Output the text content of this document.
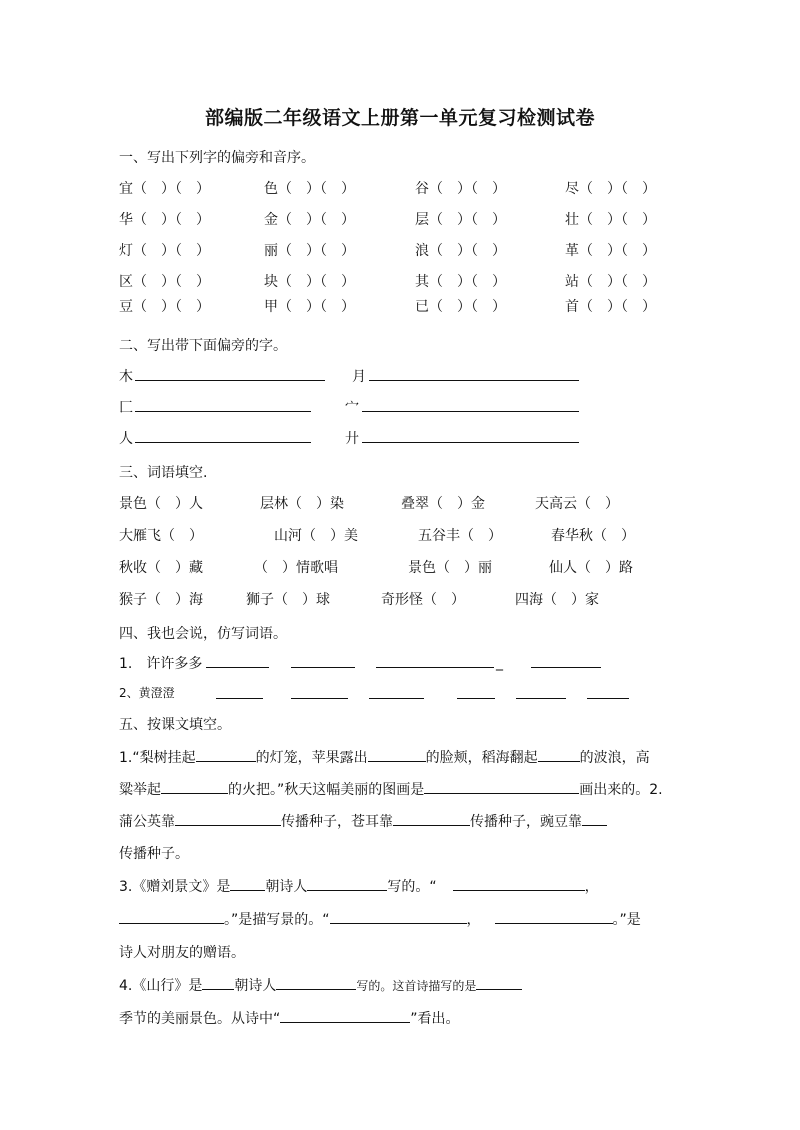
部编版二年级语文上册第一单元复习检测试卷
一、写出下列字的偏旁和音序。
宜（　）（　）	色（　）（　）	谷（　）（　）	尽（　）（　）
华（　）（　）	金（　）（　）	层（　）（　）	壮（　）（　）
灯（　）（　）	丽（　）（　）	浪（　）（　）	革（　）（　）
区（　）（　）	块（　）（　）	其（　）（　）	站（　）（　）
豆（　）（　）	甲（　）（　）	已（　）（　）	首（　）（　）
二、写出带下面偏旁的字。
木	月
匚	宀
人	廾
三、词语填空.
景色（　）人	层林（　）染	叠翠（　）金	天高云（　）
大雁飞（　）	山河（　）美	五谷丰（　）	春华秋（　）
秋收（　）藏	（　）情歌唱	景色（　）丽	仙人（　）路
猴子（　）海	狮子（　）球	奇形怪（　）	四海（　）家
四、我也会说，仿写词语。
1.　许许多多	_
2、黄澄澄
五、按课文填空。
1.“梨树挂起	的灯笼，苹果露出	的脸颊，稻海翻起	的波浪，高
粱举起	的火把。”秋天这幅美丽的图画是	画出来的。2.
蒲公英靠	传播种子，苍耳靠	传播种子，豌豆靠
传播种子。
3.《赠刘景文》是	朝诗人	写的。“	，
。”是描写景的。“	，	。”是
诗人对朋友的赠语。
4.《山行》是 朝诗人	写的。这首诗描写的是
季节的美丽景色。从诗中“	”看出。
